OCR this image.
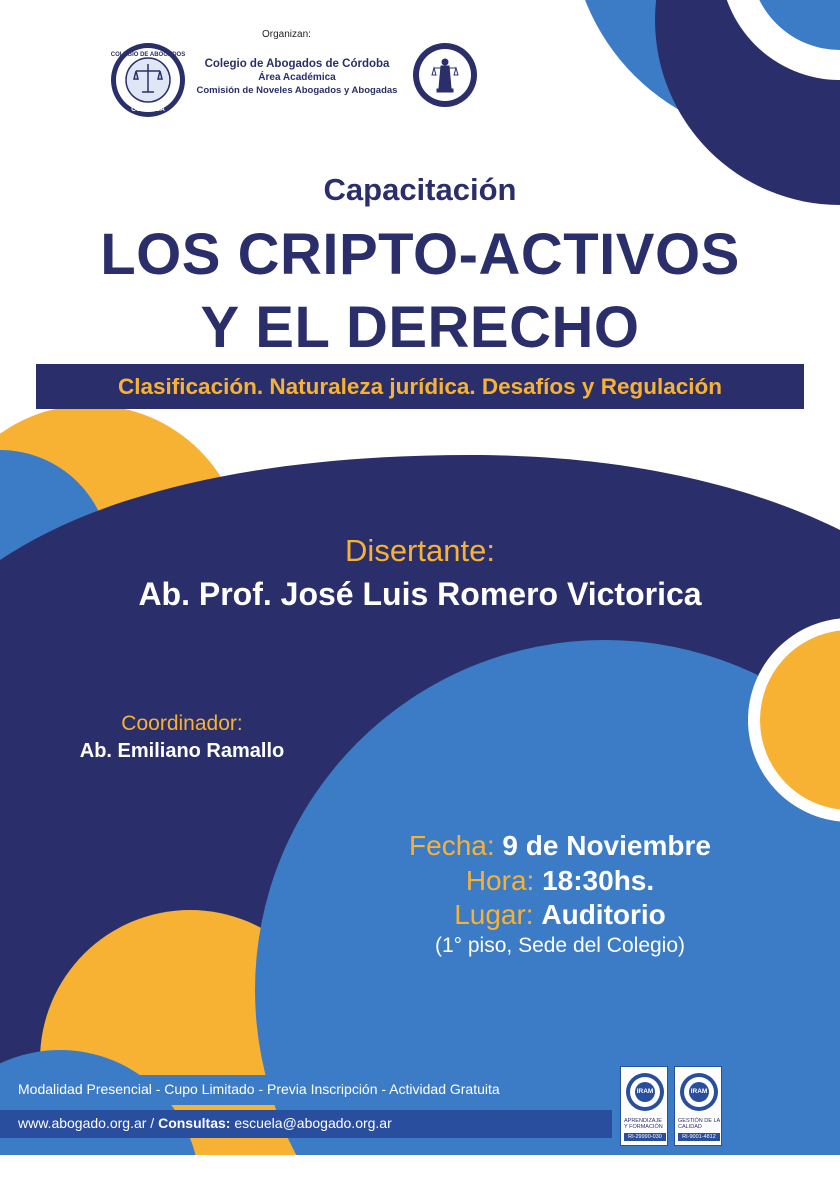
Organizan:
COLEGIO DE ABOGADOS
CÓRDOBA
Colegio de Abogados de Córdoba
Área Académica
Comisión de Noveles Abogados y Abogadas
Capacitación
LOS CRIPTO-ACTIVOS
Y EL DERECHO
Clasificación. Naturaleza jurídica. Desafíos y Regulación
Disertante:
Ab. Prof. José Luis Romero Victorica
Coordinador:
Ab. Emiliano Ramallo
Fecha: 9 de Noviembre
Hora: 18:30hs.
Lugar: Auditorio
(1° piso, Sede del Colegio)
Modalidad Presencial - Cupo Limitado - Previa Inscripción - Actividad Gratuita
www.abogado.org.ar / Consultas: escuela@abogado.org.ar
IRAM
APRENDIZAJE Y FORMACIÓN
RI-29990-030
IRAM
GESTIÓN DE LA CALIDAD
RI-9001-4812
